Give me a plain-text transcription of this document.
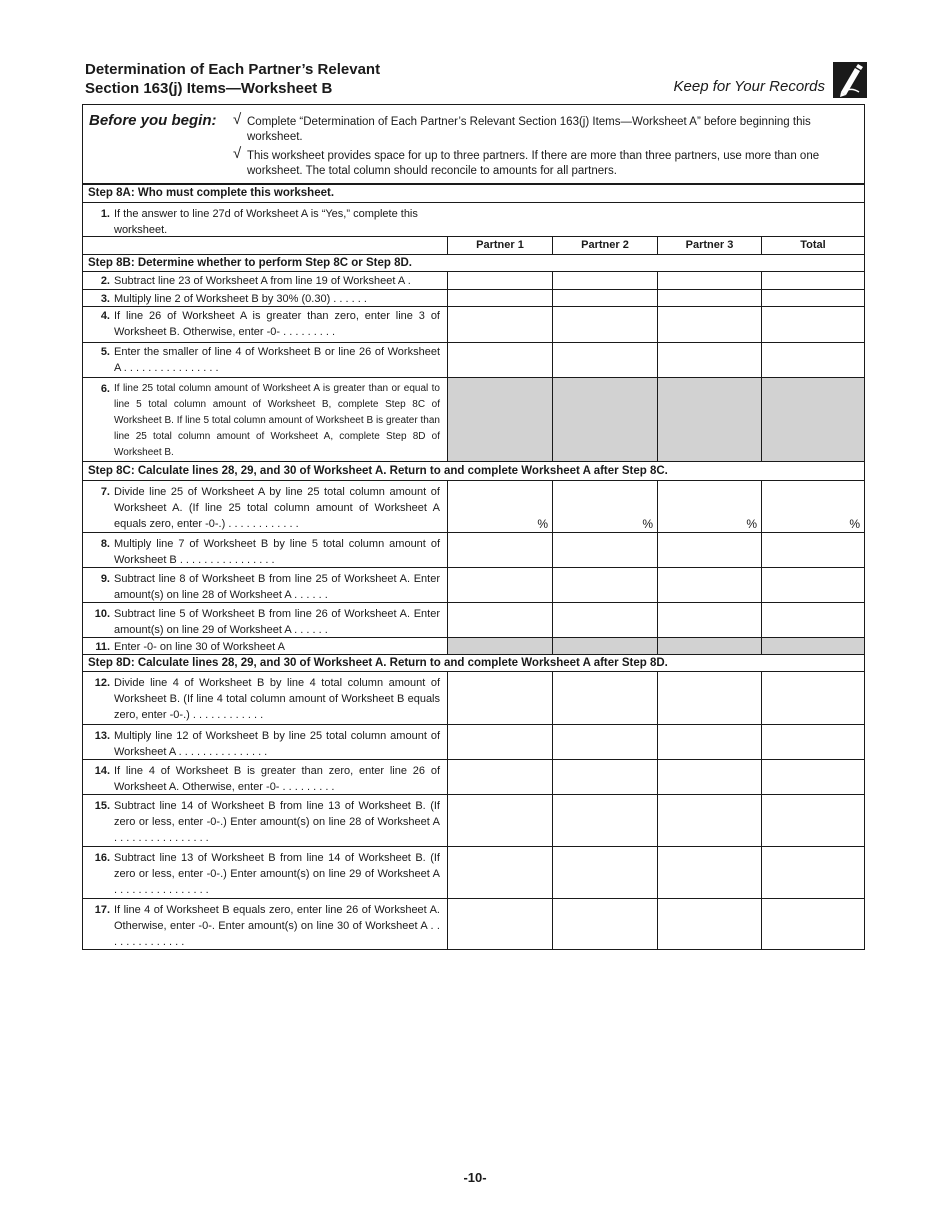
Determination of Each Partner’s Relevant
Section 163(j) Items—Worksheet B	Keep for Your Records
Before you begin: √ Complete “Determination of Each Partner’s Relevant Section 163(j) Items—Worksheet A” before beginning this worksheet.
√ This worksheet provides space for up to three partners. If there are more than three partners, use more than one worksheet. The total column should reconcile to amounts for all partners.
Step 8A: Who must complete this worksheet.
1. If the answer to line 27d of Worksheet A is “Yes,” complete this worksheet.
Partner 1	Partner 2	Partner 3	Total
Step 8B: Determine whether to perform Step 8C or Step 8D.
2. Subtract line 23 of Worksheet A from line 19 of Worksheet A .
3. Multiply line 2 of Worksheet B by 30% (0.30) . . . . . .
4. If line 26 of Worksheet A is greater than zero, enter line 3 of Worksheet B. Otherwise, enter -0- . . . . . . . . .
5. Enter the smaller of line 4 of Worksheet B or line 26 of Worksheet A . . . . . . . . . . . . . . . .
6. If line 25 total column amount of Worksheet A is greater than or equal to line 5 total column amount of Worksheet B, complete Step 8C of Worksheet B. If line 5 total column amount of Worksheet B is greater than line 25 total column amount of Worksheet A, complete Step 8D of Worksheet B.
Step 8C: Calculate lines 28, 29, and 30 of Worksheet A. Return to and complete Worksheet A after Step 8C.
7. Divide line 25 of Worksheet A by line 25 total column amount of Worksheet A. (If line 25 total column amount of Worksheet A equals zero, enter -0-.) . . . . . . . . . . . .	%	%	%	%
8. Multiply line 7 of Worksheet B by line 5 total column amount of Worksheet B . . . . . . . . . . . . . . . .
9. Subtract line 8 of Worksheet B from line 25 of Worksheet A. Enter amount(s) on line 28 of Worksheet A . . . . . .
10. Subtract line 5 of Worksheet B from line 26 of Worksheet A. Enter amount(s) on line 29 of Worksheet A . . . . . .
11. Enter -0- on line 30 of Worksheet A
Step 8D: Calculate lines 28, 29, and 30 of Worksheet A. Return to and complete Worksheet A after Step 8D.
12. Divide line 4 of Worksheet B by line 4 total column amount of Worksheet B. (If line 4 total column amount of Worksheet B equals zero, enter -0-.) . . . . . . . . . . . .
13. Multiply line 12 of Worksheet B by line 25 total column amount of Worksheet A . . . . . . . . . . . . . . .
14. If line 4 of Worksheet B is greater than zero, enter line 26 of Worksheet A. Otherwise, enter -0- . . . . . . . . .
15. Subtract line 14 of Worksheet B from line 13 of Worksheet B. (If zero or less, enter -0-.) Enter amount(s) on line 28 of Worksheet A . . . . . . . . . . . . . . . .
16. Subtract line 13 of Worksheet B from line 14 of Worksheet B. (If zero or less, enter -0-.) Enter amount(s) on line 29 of Worksheet A . . . . . . . . . . . . . . . .
17. If line 4 of Worksheet B equals zero, enter line 26 of Worksheet A. Otherwise, enter -0-. Enter amount(s) on line 30 of Worksheet A . . . . . . . . . . . . . .
-10-
